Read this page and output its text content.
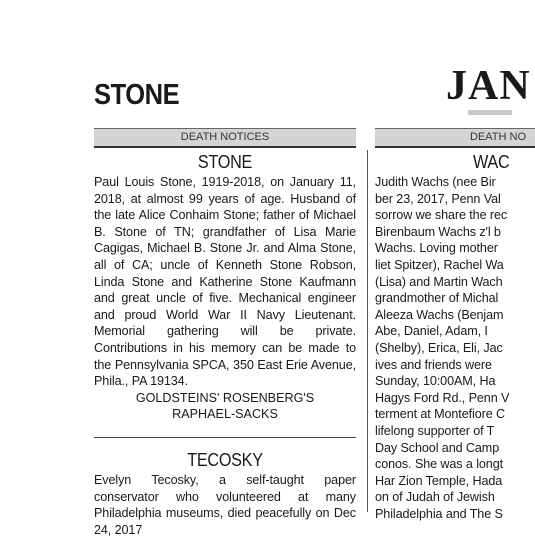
STONE	JAN
DEATH NOTICES
STONE

Paul Louis Stone, 1919-2018, on January 11, 2018, at almost 99 years of age. Husband of the late Alice Conhaim Stone; father of Michael B. Stone of TN; grandfather of Lisa Marie Cagigas, Michael B. Stone Jr. and Alma Stone, all of CA; uncle of Kenneth Stone Robson, Linda Stone and Katherine Stone Kaufmann and great uncle of five. Mechanical engineer and proud World War II Navy Lieutenant. Memorial gathering will be private. Contributions in his memory can be made to the Pennsylvania SPCA, 350 East Erie Avenue, Phila., PA 19134.

GOLDSTEINS' ROSENBERG'S
RAPHAEL-SACKS
TECOSKY

Evelyn Tecosky, a self-taught paper conservator who volunteered at many Philadelphia museums, died peacefully on Dec 24, 2017

DEATH NO
WAC
Judith Wachs (nee Bir
ber 23, 2017, Penn Val
sorrow we share the rec
Birenbaum Wachs z'l b
Wachs. Loving mother
liet Spitzer), Rachel Wa
(Lisa) and Martin Wach
grandmother of Michal
Aleeza Wachs (Benjam
Abe, Daniel, Adam, I
(Shelby), Erica, Eli, Jac
ives and friends were
Sunday, 10:00AM, Ha
Hagys Ford Rd., Penn V
terment at Montefiore C
lifelong supporter of T
Day School and Camp
conos. She was a longt
Har Zion Temple, Hada
on of Judah of Jewish
Philadelphia and The S
